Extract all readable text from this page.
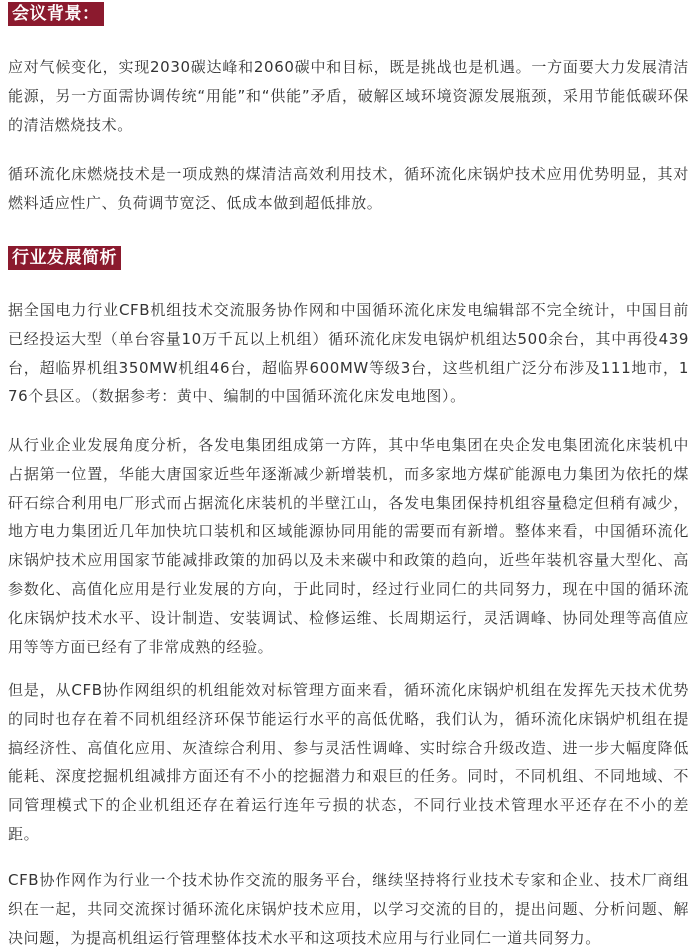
会议背景：

应对气候变化，实现2030碳达峰和2060碳中和目标，既是挑战也是机遇。一方面要大力发展清洁能源，另一方面需协调传统“用能”和“供能”矛盾，破解区域环境资源发展瓶颈，采用节能低碳环保的清洁燃烧技术。

循环流化床燃烧技术是一项成熟的煤清洁高效利用技术，循环流化床锅炉技术应用优势明显，其对燃料适应性广、负荷调节宽泛、低成本做到超低排放。

行业发展简析

据全国电力行业CFB机组技术交流服务协作网和中国循环流化床发电编辑部不完全统计，中国目前已经投运大型（单台容量10万千瓦以上机组）循环流化床发电锅炉机组达500余台，其中再役439台，超临界机组350MW机组46台，超临界600MW等级3台，这些机组广泛分布涉及111地市，176个县区。（数据参考：黄中、编制的中国循环流化床发电地图）。

从行业企业发展角度分析，各发电集团组成第一方阵，其中华电集团在央企发电集团流化床装机中占据第一位置，华能大唐国家近些年逐渐减少新增装机，而多家地方煤矿能源电力集团为依托的煤矸石综合利用电厂形式而占据流化床装机的半壁江山，各发电集团保持机组容量稳定但稍有减少，地方电力集团近几年加快坑口装机和区域能源协同用能的需要而有新增。整体来看，中国循环流化床锅炉技术应用国家节能减排政策的加码以及未来碳中和政策的趋向，近些年装机容量大型化、高参数化、高值化应用是行业发展的方向，于此同时，经过行业同仁的共同努力，现在中国的循环流化床锅炉技术水平、设计制造、安装调试、检修运维、长周期运行，灵活调峰、协同处理等高值应用等等方面已经有了非常成熟的经验。

但是，从CFB协作网组织的机组能效对标管理方面来看，循环流化床锅炉机组在发挥先天技术优势的同时也存在着不同机组经济环保节能运行水平的高低优略，我们认为，循环流化床锅炉机组在提搞经济性、高值化应用、灰渣综合利用、参与灵活性调峰、实时综合升级改造、进一步大幅度降低能耗、深度挖掘机组减排方面还有不小的挖掘潜力和艰巨的任务。同时，不同机组、不同地域、不同管理模式下的企业机组还存在着运行连年亏损的状态，不同行业技术管理水平还存在不小的差距。

CFB协作网作为行业一个技术协作交流的服务平台，继续坚持将行业技术专家和企业、技术厂商组织在一起，共同交流探讨循环流化床锅炉技术应用，以学习交流的目的，提出问题、分析问题、解决问题，为提高机组运行管理整体技术水平和这项技术应用与行业同仁一道共同努力。
